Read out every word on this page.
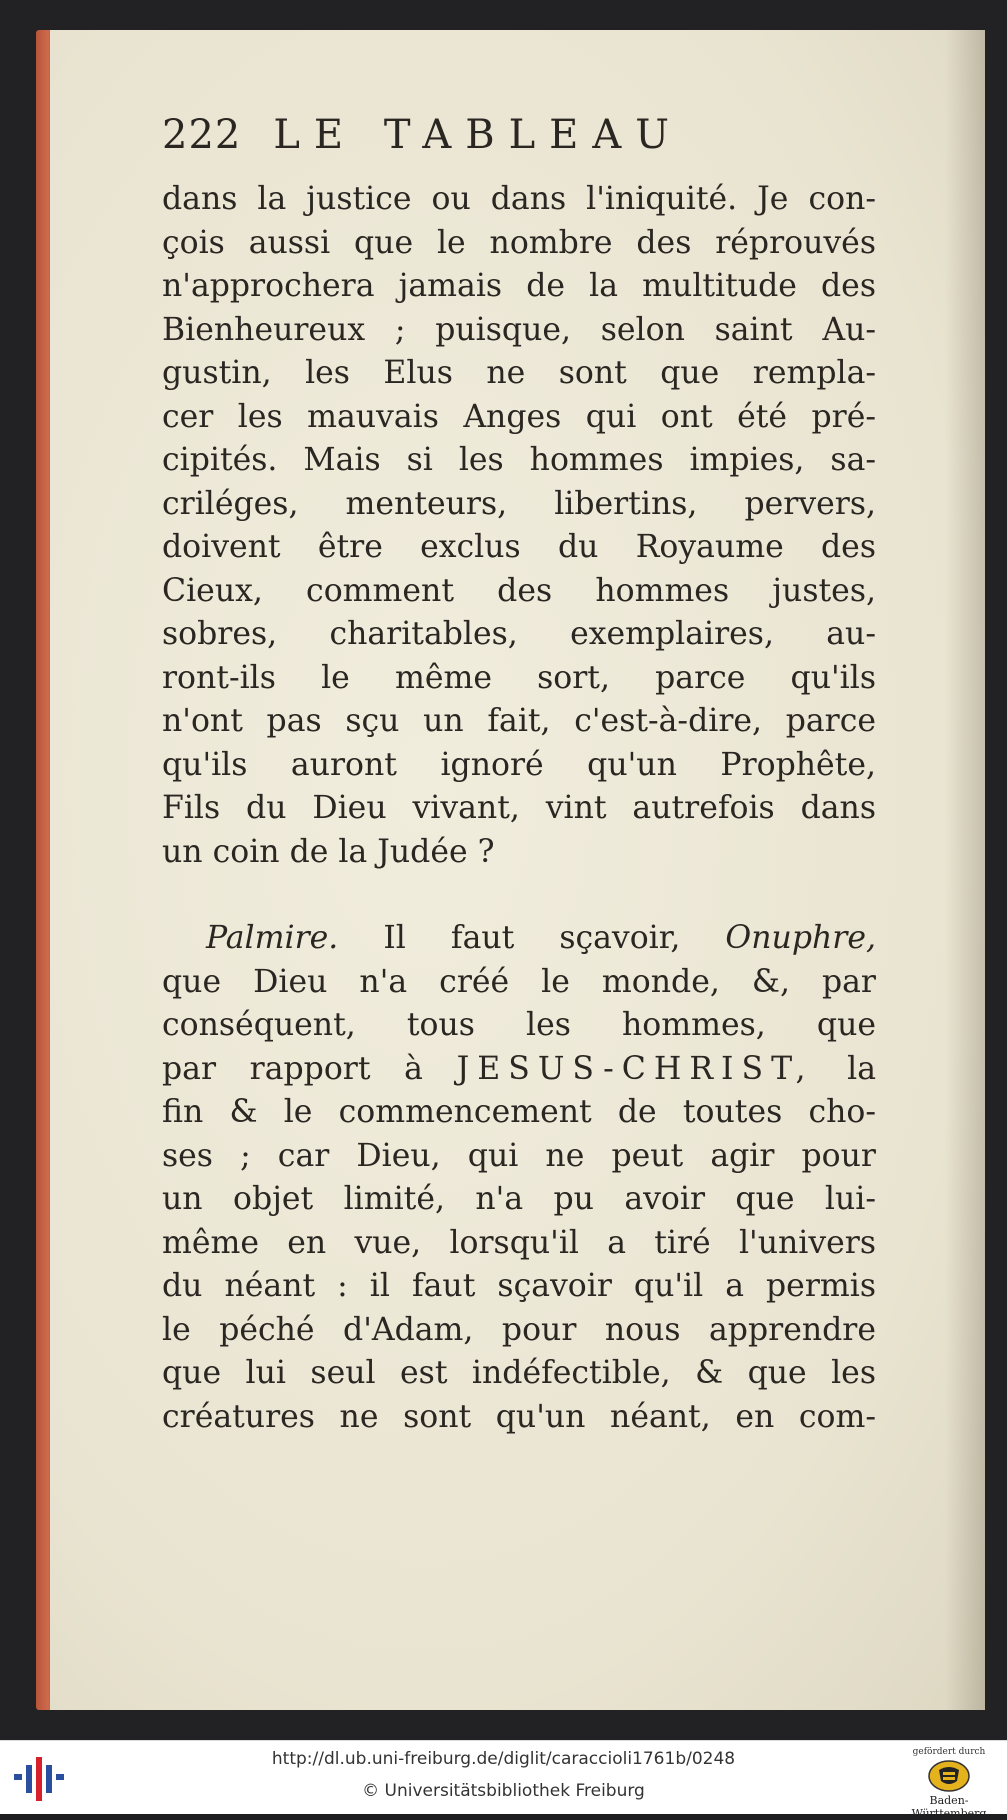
222 LE TABLEAU
dans la justice ou dans l'iniquité. Je con-
çois aussi que le nombre des réprouvés
n'approchera jamais de la multitude des
Bienheureux ; puisque, selon saint Au-
gustin, les Elus ne sont que rempla-
cer les mauvais Anges qui ont été pré-
cipités. Mais si les hommes impies, sa-
criléges, menteurs, libertins, pervers,
doivent être exclus du Royaume des
Cieux, comment des hommes justes,
sobres, charitables, exemplaires, au-
ront-ils le même sort, parce qu'ils
n'ont pas sçu un fait, c'est-à-dire, parce
qu'ils auront ignoré qu'un Prophête,
Fils du Dieu vivant, vint autrefois dans
un coin de la Judée ?
Palmire. Il faut sçavoir, Onuphre,
que Dieu n'a créé le monde, &, par
conséquent, tous les hommes, que
par rapport à JESUS-CHRIST, la
fin & le commencement de toutes cho-
ses ; car Dieu, qui ne peut agir pour
un objet limité, n'a pu avoir que lui-
même en vue, lorsqu'il a tiré l'univers
du néant : il faut sçavoir qu'il a permis
le péché d'Adam, pour nous apprendre
que lui seul est indéfectible, & que les
créatures ne sont qu'un néant, en com-
http://dl.ub.uni-freiburg.de/diglit/caraccioli1761b/0248
© Universitätsbibliothek Freiburg
gefördert durch
Baden-Württemberg
